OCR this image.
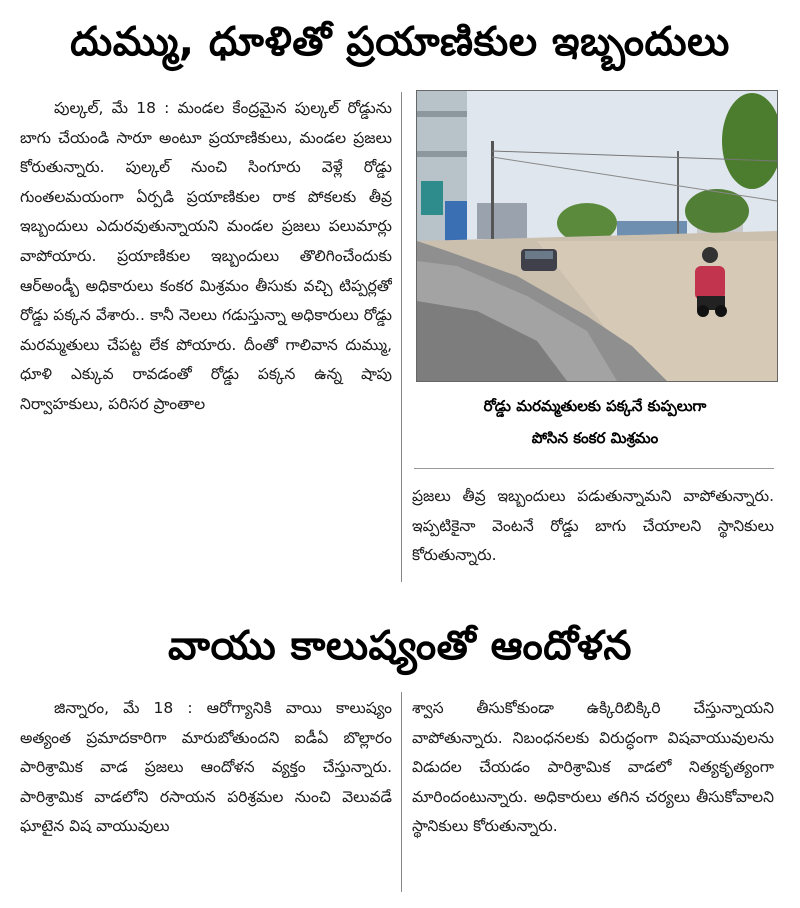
దుమ్ము, ధూళితో ప్రయాణికుల ఇబ్బందులు

పుల్కల్, మే 18 : మండల కేంద్రమైన పుల్కల్ రోడ్డును బాగు చేయండి సారూ అంటూ ప్రయాణికులు, మండల ప్రజలు కోరుతున్నారు. పుల్కల్ నుంచి సింగూరు వెళ్లే రోడ్డు గుంతలమయంగా ఏర్పడి ప్రయాణికుల రాక పోకలకు తీవ్ర ఇబ్బందులు ఎదురవుతున్నాయని మండల ప్రజలు పలుమార్లు వాపోయారు. ప్రయాణికుల ఇబ్బందులు తొలిగించేందుకు ఆర్అండ్బీ అధికారులు కంకర మిశ్రమం తీసుకు వచ్చి టిప్పర్లతో రోడ్డు పక్కన వేశారు.. కానీ నెలలు గడుస్తున్నా అధికారులు రోడ్డు మరమ్మతులు చేపట్ట లేక పోయారు. దీంతో గాలివాన దుమ్ము, ధూళి ఎక్కువ రావడంతో రోడ్డు పక్కన ఉన్న షాపు నిర్వాహకులు, పరిసర ప్రాంతాల	రోడ్డు మరమ్మతులకు పక్కనే కుప్పలుగా
పోసిన కంకర మిశ్రమం

ప్రజలు తీవ్ర ఇబ్బందులు పడుతున్నామని వాపోతున్నారు. ఇప్పటికైనా వెంటనే రోడ్డు బాగు చేయాలని స్థానికులు కోరుతున్నారు.

వాయు కాలుష్యంతో ఆందోళన

జిన్నారం, మే 18 : ఆరోగ్యానికి వాయి కాలుష్యం అత్యంత ప్రమాదకారిగా మారుబోతుందని ఐడీఏ బొల్లారం పారిశ్రామిక వాడ ప్రజలు ఆందోళన వ్యక్తం చేస్తున్నారు. పారిశ్రామిక వాడలోని రసాయన పరిశ్రమల నుంచి వెలువడే ఘాటైన విష వాయువులు

శ్వాస తీసుకోకుండా ఉక్కిరిబిక్కిరి చేస్తున్నాయని వాపోతున్నారు. నిబంధనలకు విరుద్ధంగా విషవాయువులను విడుదల చేయడం పారిశ్రామిక వాడలో నిత్యకృత్యంగా మారిందంటున్నారు. అధికారులు తగిన చర్యలు తీసుకోవాలని స్థానికులు కోరుతున్నారు.
